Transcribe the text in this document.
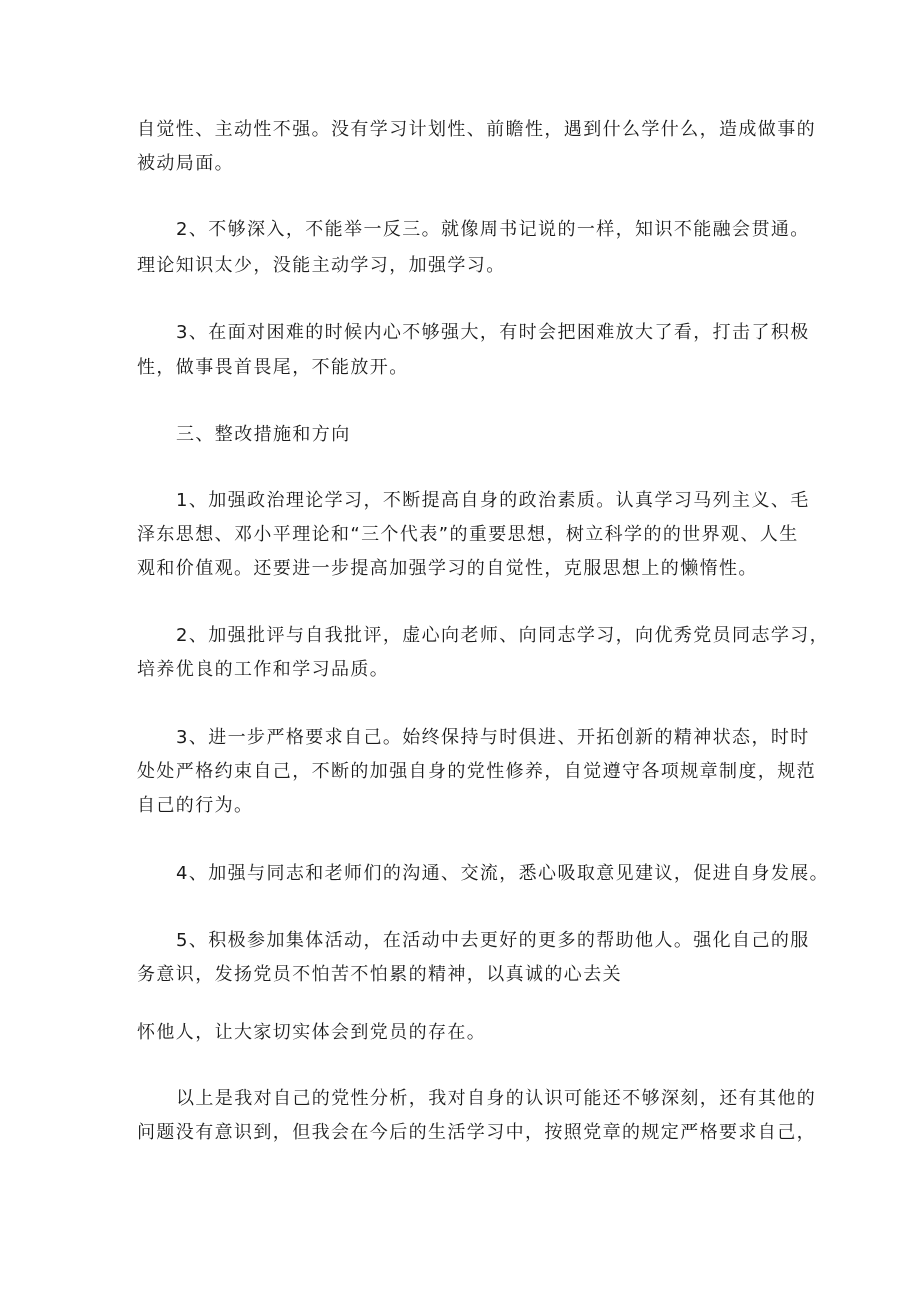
自觉性、主动性不强。没有学习计划性、前瞻性，遇到什么学什么，造成做事的
被动局面。
2、不够深入，不能举一反三。就像周书记说的一样，知识不能融会贯通。
理论知识太少，没能主动学习，加强学习。
3、在面对困难的时候内心不够强大，有时会把困难放大了看，打击了积极
性，做事畏首畏尾，不能放开。
三、整改措施和方向
1、加强政治理论学习，不断提高自身的政治素质。认真学习马列主义、毛
泽东思想、邓小平理论和“三个代表”的重要思想，树立科学的的世界观、人生
观和价值观。还要进一步提高加强学习的自觉性，克服思想上的懒惰性。
2、加强批评与自我批评，虚心向老师、向同志学习，向优秀党员同志学习，
培养优良的工作和学习品质。
3、进一步严格要求自己。始终保持与时俱进、开拓创新的精神状态，时时
处处严格约束自己，不断的加强自身的党性修养，自觉遵守各项规章制度，规范
自己的行为。
4、加强与同志和老师们的沟通、交流，悉心吸取意见建议，促进自身发展。
5、积极参加集体活动，在活动中去更好的更多的帮助他人。强化自己的服
务意识，发扬党员不怕苦不怕累的精神，以真诚的心去关
怀他人，让大家切实体会到党员的存在。
以上是我对自己的党性分析，我对自身的认识可能还不够深刻，还有其他的
问题没有意识到，但我会在今后的生活学习中，按照党章的规定严格要求自己，
